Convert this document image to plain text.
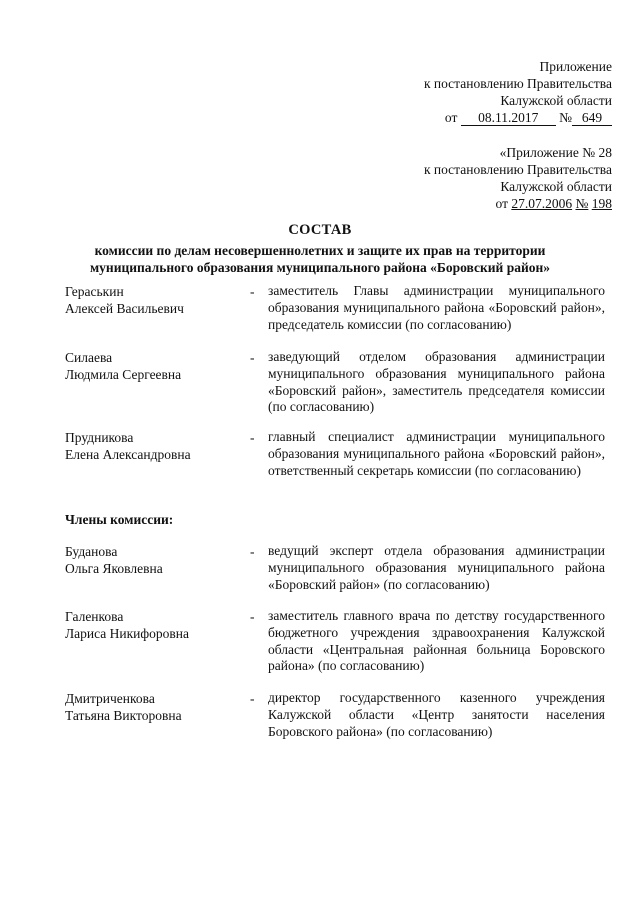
Приложение
к постановлению Правительства
Калужской области
от 08.11.2017 № 649
«Приложение № 28
к постановлению Правительства
Калужской области
от 27.07.2006 № 198
СОСТАВ
комиссии по делам несовершеннолетних и защите их прав на территории
муниципального образования муниципального района «Боровский район»
Гераськин
Алексей Васильевич
-	заместитель Главы администрации муниципального образования муниципального района «Боровский район», председатель комиссии (по согласованию)
Силаева
Людмила Сергеевна
-	заведующий отделом образования администрации муниципального образования муниципального района «Боровский район», заместитель председателя комиссии (по согласованию)
Прудникова
Елена Александровна
-	главный специалист администрации муниципального образования муниципального района «Боровский район», ответственный секретарь комиссии (по согласованию)
Члены комиссии:
Буданова
Ольга Яковлевна
-	ведущий эксперт отдела образования администрации муниципального образования муниципального района «Боровский район» (по согласованию)
Галенкова
Лариса Никифоровна
-	заместитель главного врача по детству государственного бюджетного учреждения здравоохранения Калужской области «Центральная районная больница Боровского района» (по согласованию)
Дмитриченкова
Татьяна Викторовна
-	директор государственного казенного учреждения Калужской области «Центр занятости населения Боровского района» (по согласованию)
